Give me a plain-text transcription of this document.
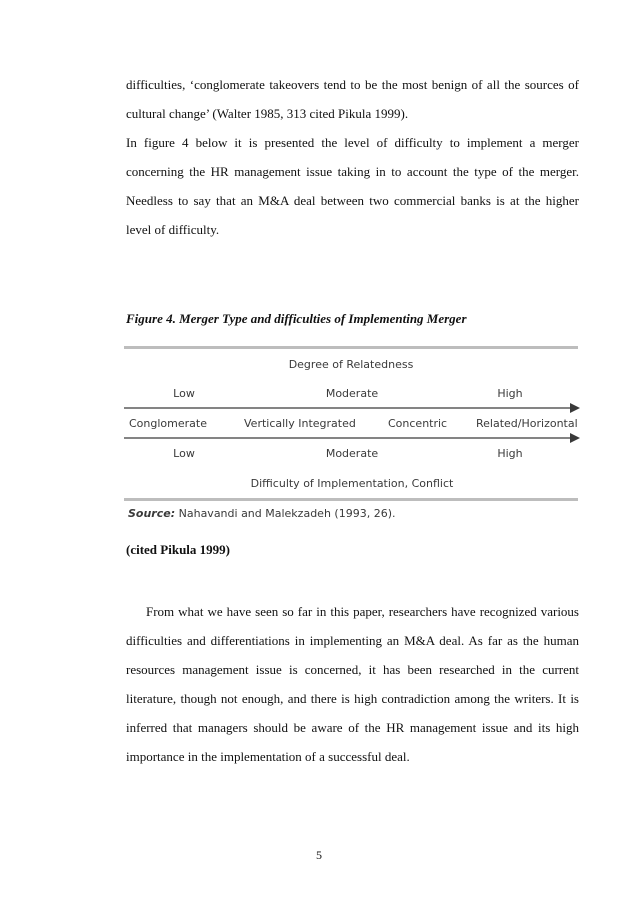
difficulties, ‘conglomerate takeovers tend to be the most benign of all the sources of cultural change’ (Walter 1985, 313 cited Pikula 1999).

In figure 4 below it is presented the level of difficulty to implement a merger concerning the HR management issue taking in to account the type of the merger. Needless to say that an M&A deal between two commercial banks is at the higher level of difficulty.

Figure 4. Merger Type and difficulties of Implementing Merger

Degree of Relatedness
Low	Moderate	High
Conglomerate	Vertically Integrated	Concentric	Related/Horizontal
Low	Moderate	High
Difficulty of Implementation, Conflict
Source: Nahavandi and Malekzadeh (1993, 26).

(cited Pikula 1999)

From what we have seen so far in this paper, researchers have recognized various difficulties and differentiations in implementing an M&A deal. As far as the human resources management issue is concerned, it has been researched in the current literature, though not enough, and there is high contradiction among the writers. It is inferred that managers should be aware of the HR management issue and its high importance in the implementation of a successful deal.

5
